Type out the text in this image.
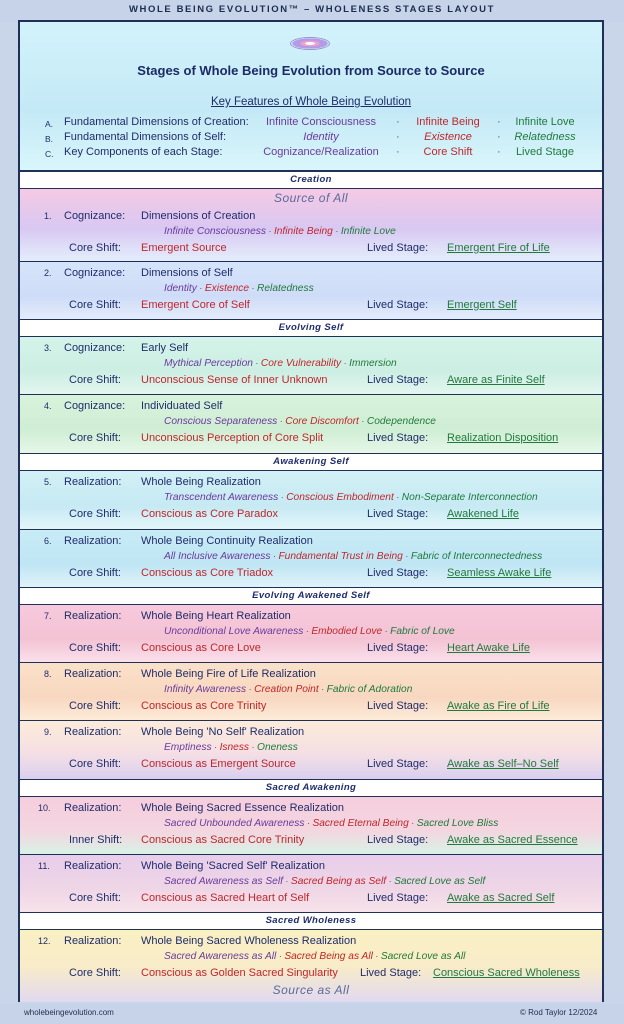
WHOLE BEING EVOLUTION™ – WHOLENESS STAGES LAYOUT
Stages of Whole Being Evolution from Source to Source
Key Features of Whole Being Evolution
A. Fundamental Dimensions of Creation:	Infinite Consciousness	·	Infinite Being	·	Infinite Love
B. Fundamental Dimensions of Self:	Identity	·	Existence	·	Relatedness
C. Key Components of each Stage:	Cognizance/Realization	·	Core Shift	·	Lived Stage
Creation
Evolving Self
Awakening Self
Evolving Awakened Self
Sacred Awakening
Sacred Wholeness
Source of All
1. Cognizance: Dimensions of Creation
Infinite Consciousness · Infinite Being · Infinite Love
Core Shift: Emergent Source	Lived Stage: Emergent Fire of Life
2. Cognizance: Dimensions of Self
Identity · Existence · Relatedness
Core Shift: Emergent Core of Self	Lived Stage: Emergent Self
3. Cognizance: Early Self
Mythical Perception · Core Vulnerability · Immersion
Core Shift: Unconscious Sense of Inner Unknown	Lived Stage: Aware as Finite Self
4. Cognizance: Individuated Self
Conscious Separateness · Core Discomfort · Codependence
Core Shift: Unconscious Perception of Core Split	Lived Stage: Realization Disposition
5. Realization: Whole Being Realization
Transcendent Awareness · Conscious Embodiment · Non-Separate Interconnection
Core Shift: Conscious as Core Paradox	Lived Stage: Awakened Life
6. Realization: Whole Being Continuity Realization
All Inclusive Awareness · Fundamental Trust in Being · Fabric of Interconnectedness
Core Shift: Conscious as Core Triadox	Lived Stage: Seamless Awake Life
7. Realization: Whole Being Heart Realization
Unconditional Love Awareness · Embodied Love · Fabric of Love
Core Shift: Conscious as Core Love	Lived Stage: Heart Awake Life
8. Realization: Whole Being Fire of Life Realization
Infinity Awareness · Creation Point · Fabric of Adoration
Core Shift: Conscious as Core Trinity	Lived Stage: Awake as Fire of Life
9. Realization: Whole Being 'No Self' Realization
Emptiness · Isness · Oneness
Core Shift: Conscious as Emergent Source	Lived Stage: Awake as Self–No Self
10. Realization: Whole Being Sacred Essence Realization
Sacred Unbounded Awareness · Sacred Eternal Being · Sacred Love Bliss
Inner Shift: Conscious as Sacred Core Trinity	Lived Stage: Awake as Sacred Essence
11. Realization: Whole Being 'Sacred Self' Realization
Sacred Awareness as Self · Sacred Being as Self · Sacred Love as Self
Core Shift: Conscious as Sacred Heart of Self	Lived Stage: Awake as Sacred Self
12. Realization: Whole Being Sacred Wholeness Realization
Sacred Awareness as All · Sacred Being as All · Sacred Love as All
Core Shift: Conscious as Golden Sacred Singularity Lived Stage: Conscious Sacred Wholeness
Source as All
wholebeingevolution.com	© Rod Taylor 12/2024
